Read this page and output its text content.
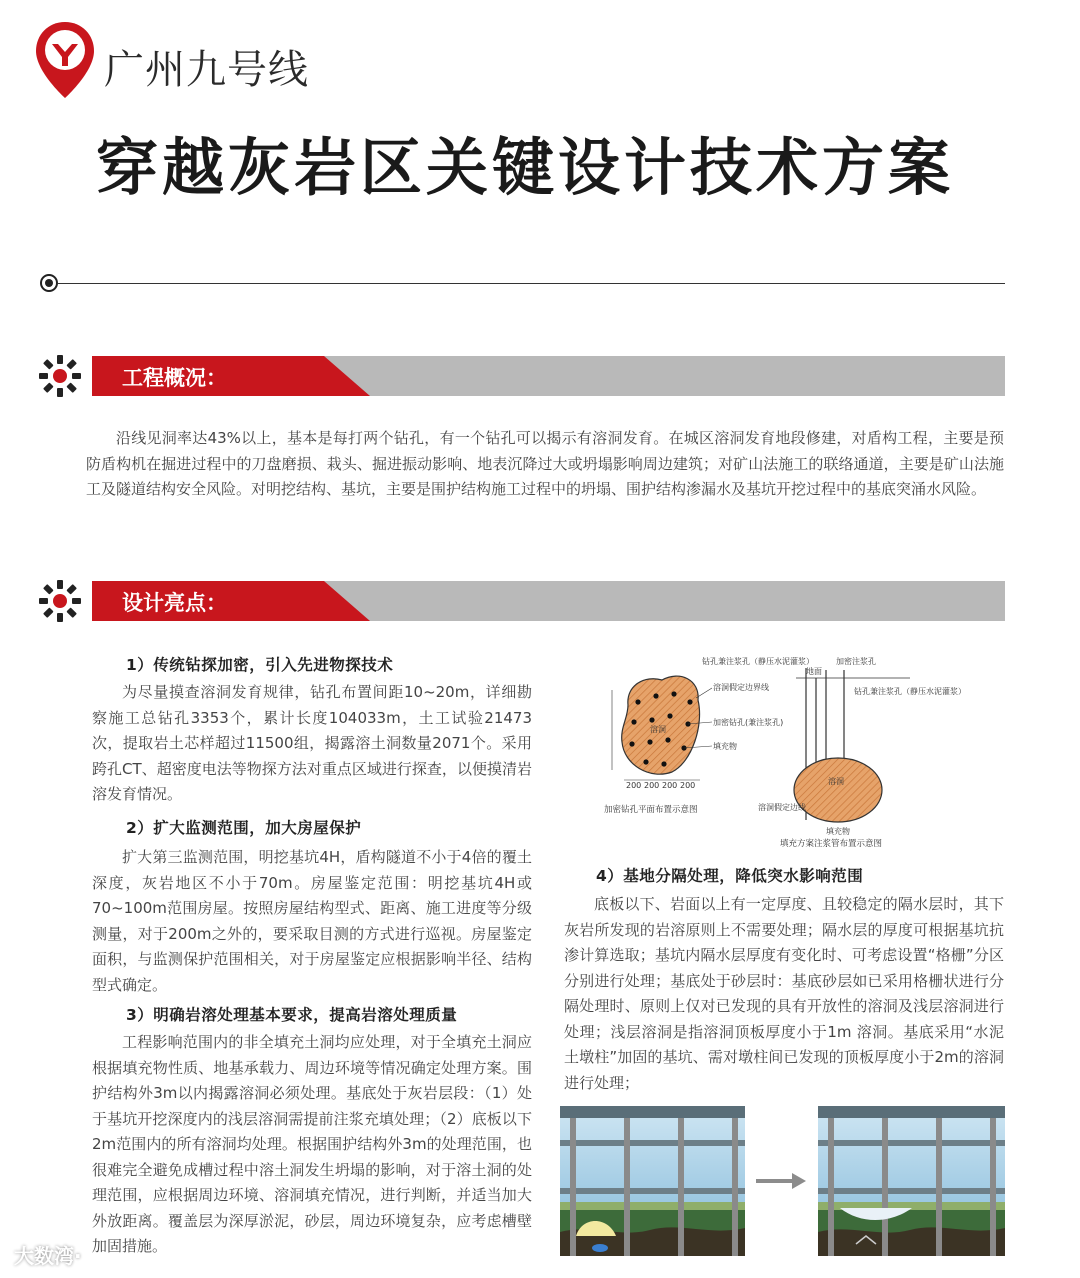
广州九号线
穿越灰岩区关键设计技术方案
工程概况：

沿线见洞率达43%以上，基本是每打两个钻孔，有一个钻孔可以揭示有溶洞发育。在城区溶洞发育地段修建，对盾构工程，主要是预防盾构机在掘进过程中的刀盘磨损、栽头、掘进振动影响、地表沉降过大或坍塌影响周边建筑；对矿山法施工的联络通道，主要是矿山法施工及隧道结构安全风险。对明挖结构、基坑，主要是围护结构施工过程中的坍塌、围护结构渗漏水及基坑开挖过程中的基底突涌水风险。

设计亮点：
1）传统钻探加密，引入先进物探技术

为尽量摸查溶洞发育规律，钻孔布置间距10~20m，详细勘察施工总钻孔3353个，累计长度104033m，土工试验21473次，提取岩土芯样超过11500组，揭露溶土洞数量2071个。采用跨孔CT、超密度电法等物探方法对重点区域进行探查，以便摸清岩溶发育情况。

2）扩大监测范围，加大房屋保护

扩大第三监测范围，明挖基坑4H，盾构隧道不小于4倍的覆土深度，灰岩地区不小于70m。房屋鉴定范围：明挖基坑4H或70~100m范围房屋。按照房屋结构型式、距离、施工进度等分级测量，对于200m之外的，要采取目测的方式进行巡视。房屋鉴定面积，与监测保护范围相关，对于房屋鉴定应根据影响半径、结构型式确定。

3）明确岩溶处理基本要求，提高岩溶处理质量

工程影响范围内的非全填充土洞均应处理，对于全填充土洞应根据填充物性质、地基承载力、周边环境等情况确定处理方案。围护结构外3m以内揭露溶洞必须处理。基底处于灰岩层段：（1）处于基坑开挖深度内的浅层溶洞需提前注浆充填处理；（2）底板以下2m范围内的所有溶洞均处理。根据围护结构外3m的处理范围，也很难完全避免成槽过程中溶土洞发生坍塌的影响，对于溶土洞的处理范围，应根据周边环境、溶洞填充情况，进行判断，并适当加大外放距离。覆盖层为深厚淤泥，砂层，周边环境复杂，应考虑槽壁加固措施。

溶洞
溶洞假定边界线
加密钻孔(兼注浆孔)
填充物
200 200 200 200
加密钻孔平面布置示意图
地面
钻孔兼注浆孔（静压水泥灌浆）	加密注浆孔
钻孔兼注浆孔（静压水泥灌浆）
溶洞
溶洞假定边线
填充物
填充方案注浆管布置示意图
4）基地分隔处理，降低突水影响范围

底板以下、岩面以上有一定厚度、且较稳定的隔水层时，其下灰岩所发现的岩溶原则上不需要处理；隔水层的厚度可根据基坑抗渗计算选取；基坑内隔水层厚度有变化时、可考虑设置“格栅”分区分别进行处理；基底处于砂层时：基底砂层如已采用格栅状进行分隔处理时、原则上仅对已发现的具有开放性的溶洞及浅层溶洞进行处理；浅层溶洞是指溶洞顶板厚度小于1m 溶洞。基底采用“水泥土墩柱”加固的基坑、需对墩柱间已发现的顶板厚度小于2m的溶洞进行处理；

大数湾·
